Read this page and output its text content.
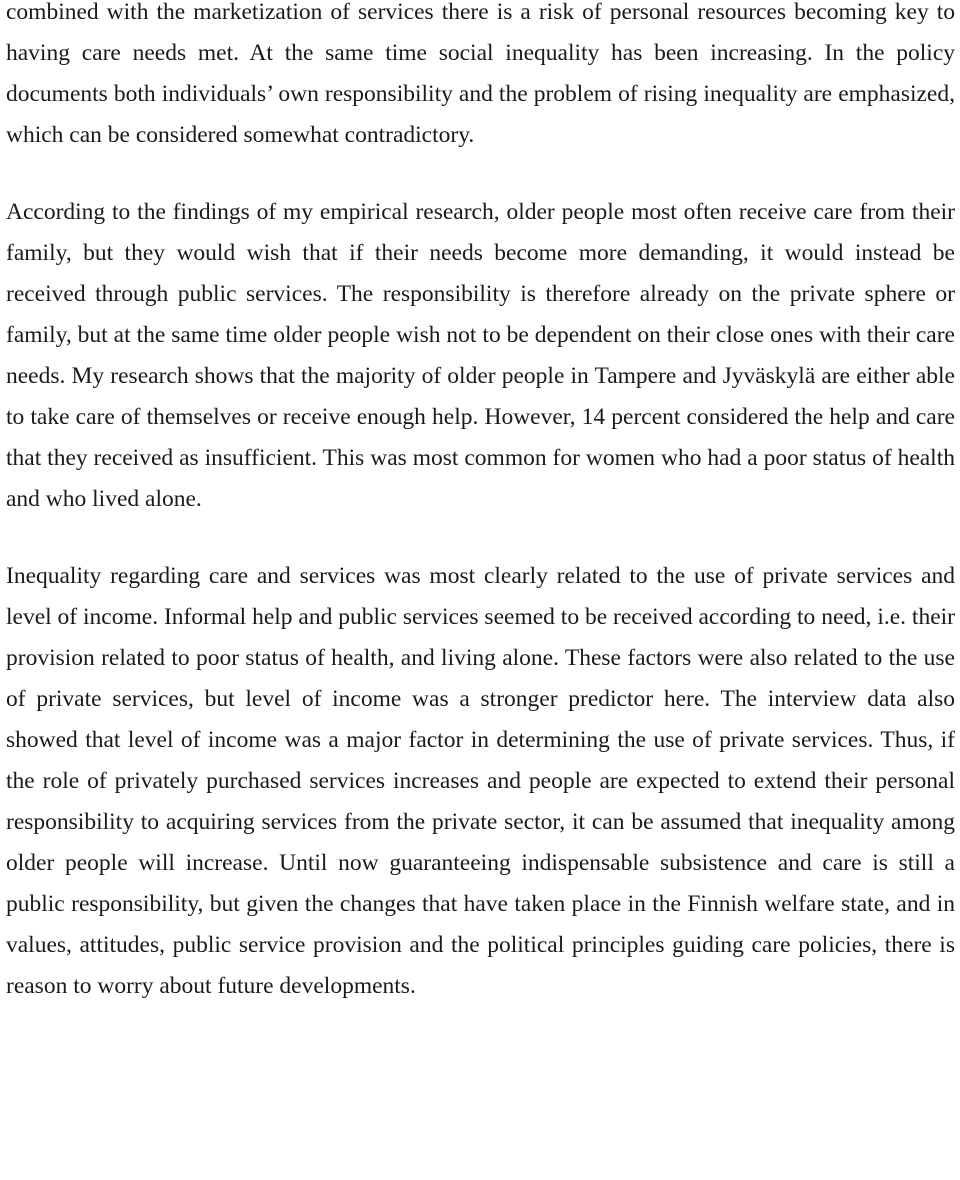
combined with the marketization of services there is a risk of personal resources becoming key to having care needs met. At the same time social inequality has been increasing. In the policy documents both individuals’ own responsibility and the problem of rising inequality are emphasized, which can be considered somewhat contradictory.

According to the findings of my empirical research, older people most often receive care from their family, but they would wish that if their needs become more demanding, it would instead be received through public services. The responsibility is therefore already on the private sphere or family, but at the same time older people wish not to be dependent on their close ones with their care needs. My research shows that the majority of older people in Tampere and Jyväskylä are either able to take care of themselves or receive enough help. However, 14 percent considered the help and care that they received as insufficient. This was most common for women who had a poor status of health and who lived alone.

Inequality regarding care and services was most clearly related to the use of private services and level of income. Informal help and public services seemed to be received according to need, i.e. their provision related to poor status of health, and living alone. These factors were also related to the use of private services, but level of income was a stronger predictor here. The interview data also showed that level of income was a major factor in determining the use of private services. Thus, if the role of privately purchased services increases and people are expected to extend their personal responsibility to acquiring services from the private sector, it can be assumed that inequality among older people will increase. Until now guaranteeing indispensable subsistence and care is still a public responsibility, but given the changes that have taken place in the Finnish welfare state, and in values, attitudes, public service provision and the political principles guiding care policies, there is reason to worry about future developments.
